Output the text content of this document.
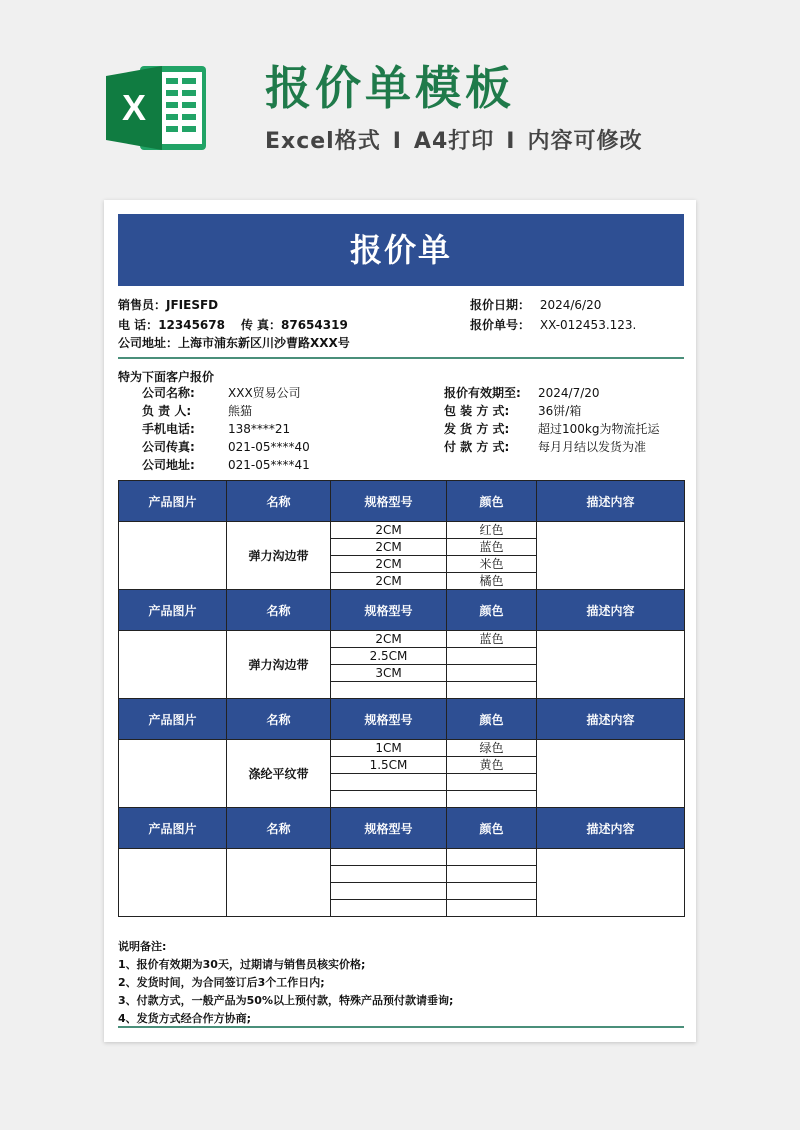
X	报价单模板

Excel格式 I A4打印 I 内容可修改

报价单
销售员：JFIESFD
电 话：12345678 传 真：87654319
公司地址：上海市浦东新区川沙曹路XXX号
报价日期： 2024/6/20
报价单号： XX-012453.123.
特为下面客户报价
公司名称:	XXX贸易公司
负 责 人:	熊猫
手机电话:	138****21
公司传真:	021-05****40
公司地址:	021-05****41
报价有效期至: 2024/7/20
包 装 方 式: 36饼/箱
发 货 方 式: 超过100kg为物流托运
付 款 方 式: 每月月结以发货为准
产品图片	名称	规格型号	颜色	描述内容
	弹力沟边带	2CM	红色	
		2CM	蓝色	
		2CM	米色	
		2CM	橘色	
产品图片	名称	规格型号	颜色	描述内容
	弹力沟边带	2CM	蓝色	
		2.5CM		
		3CM		

产品图片	名称	规格型号	颜色	描述内容
	涤纶平纹带	1CM	绿色	
		1.5CM	黄色	

产品图片	名称	规格型号	颜色	描述内容

说明备注:
1、报价有效期为30天，过期请与销售员核实价格;
2、发货时间，为合同签订后3个工作日内;
3、付款方式，一般产品为50%以上预付款，特殊产品预付款请垂询;
4、发货方式经合作方协商;
